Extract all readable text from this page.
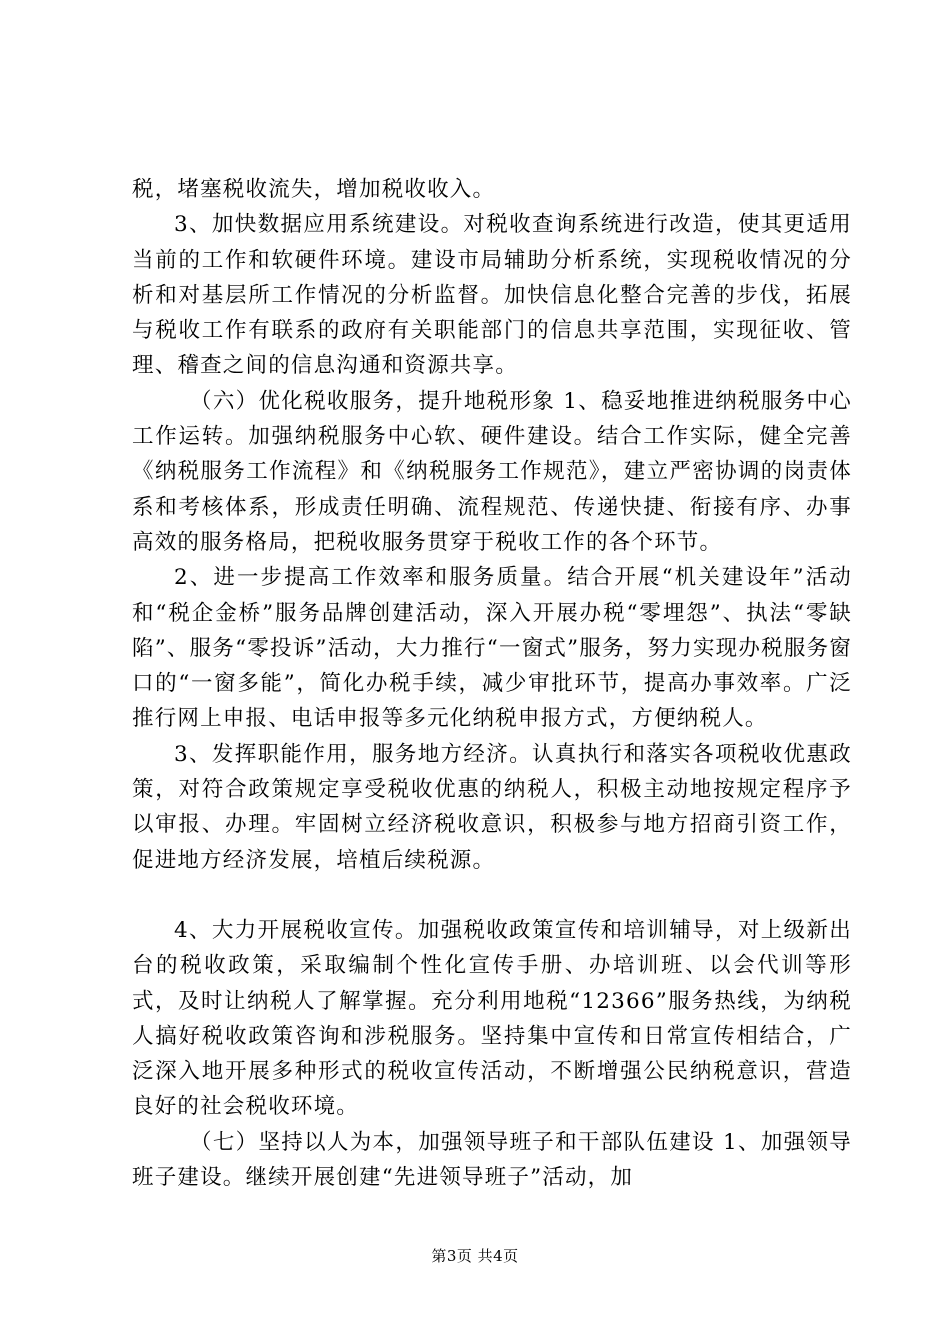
税，堵塞税收流失，增加税收收入。

3、加快数据应用系统建设。对税收查询系统进行改造，使其更适用当前的工作和软硬件环境。建设市局辅助分析系统，实现税收情况的分析和对基层所工作情况的分析监督。加快信息化整合完善的步伐，拓展与税收工作有联系的政府有关职能部门的信息共享范围，实现征收、管理、稽查之间的信息沟通和资源共享。

（六）优化税收服务，提升地税形象 1、稳妥地推进纳税服务中心工作运转。加强纳税服务中心软、硬件建设。结合工作实际，健全完善《纳税服务工作流程》和《纳税服务工作规范》，建立严密协调的岗责体系和考核体系，形成责任明确、流程规范、传递快捷、衔接有序、办事高效的服务格局，把税收服务贯穿于税收工作的各个环节。

2、进一步提高工作效率和服务质量。结合开展“机关建设年”活动和“税企金桥”服务品牌创建活动，深入开展办税“零埋怨”、执法“零缺陷”、服务“零投诉”活动，大力推行“一窗式”服务，努力实现办税服务窗口的“一窗多能”，简化办税手续，减少审批环节，提高办事效率。广泛推行网上申报、电话申报等多元化纳税申报方式，方便纳税人。

3、发挥职能作用，服务地方经济。认真执行和落实各项税收优惠政策，对符合政策规定享受税收优惠的纳税人，积极主动地按规定程序予以审报、办理。牢固树立经济税收意识，积极参与地方招商引资工作，促进地方经济发展，培植后续税源。

4、大力开展税收宣传。加强税收政策宣传和培训辅导，对上级新出台的税收政策，采取编制个性化宣传手册、办培训班、以会代训等形式，及时让纳税人了解掌握。充分利用地税“12366”服务热线，为纳税人搞好税收政策咨询和涉税服务。坚持集中宣传和日常宣传相结合，广泛深入地开展多种形式的税收宣传活动，不断增强公民纳税意识，营造良好的社会税收环境。

（七）坚持以人为本，加强领导班子和干部队伍建设 1、加强领导班子建设。继续开展创建“先进领导班子”活动，加

第3页 共4页
